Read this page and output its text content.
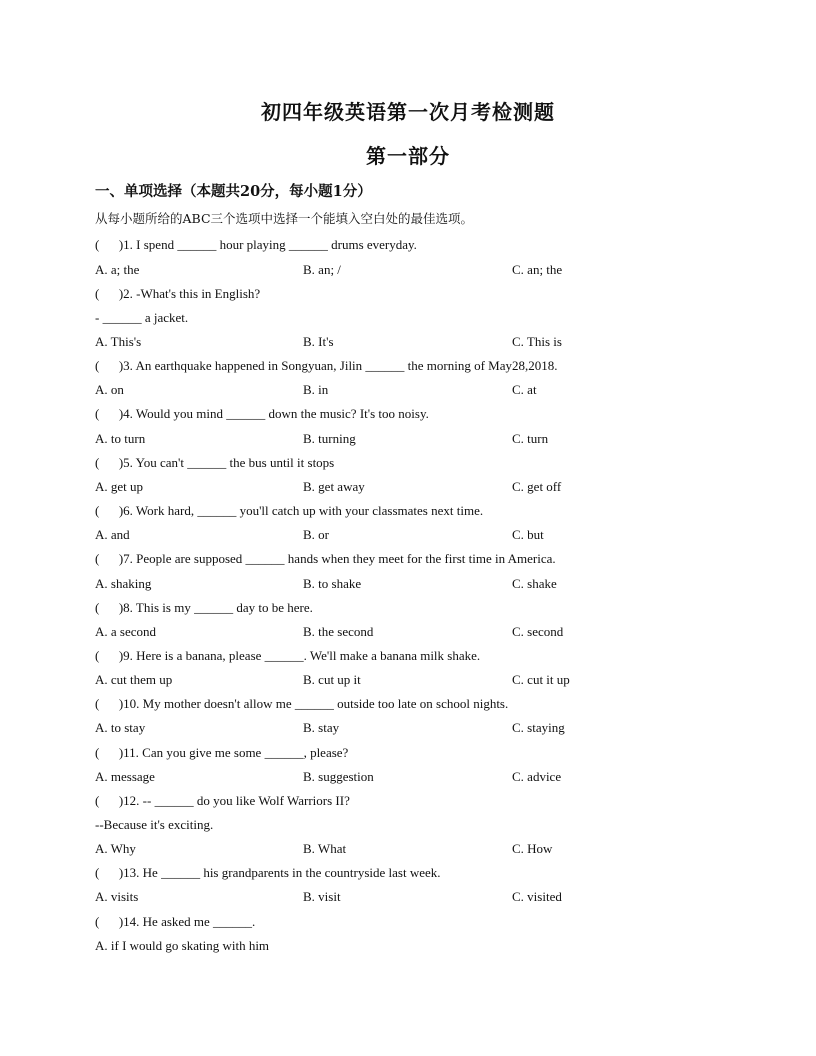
初四年级英语第一次月考检测题
第一部分

一、单项选择（本题共20分，每小题1分）

从每小题所给的ABC三个选项中选择一个能填入空白处的最佳选项。

(      )1. I spend ______ hour playing ______ drums everyday.
A. a; the	B. an; /	C. an; the
(      )2. -What's this in English?
- ______ a jacket.
A. This's	B. It's	C. This is
(      )3. An earthquake happened in Songyuan, Jilin ______ the morning of May28,2018.
A. on	B. in	C. at
(      )4. Would you mind ______ down the music? It's too noisy.
A. to turn	B. turning	C. turn
(      )5. You can't ______ the bus until it stops
A. get up	B. get away	C. get off
(      )6. Work hard, ______ you'll catch up with your classmates next time.
A. and	B. or	C. but
(      )7. People are supposed ______ hands when they meet for the first time in America.
A. shaking	B. to shake	C. shake
(      )8. This is my ______ day to be here.
A. a second	B. the second	C. second
(      )9. Here is a banana, please ______. We'll make a banana milk shake.
A. cut them up	B. cut up it	C. cut it up
(      )10. My mother doesn't allow me ______ outside too late on school nights.
A. to stay	B. stay	C. staying
(      )11. Can you give me some ______, please?
A. message	B. suggestion	C. advice
(      )12. -- ______ do you like Wolf Warriors II?
--Because it's exciting.
A. Why	B. What	C. How
(      )13. He ______ his grandparents in the countryside last week.
A. visits	B. visit	C. visited
(      )14. He asked me ______.
A. if I would go skating with him
